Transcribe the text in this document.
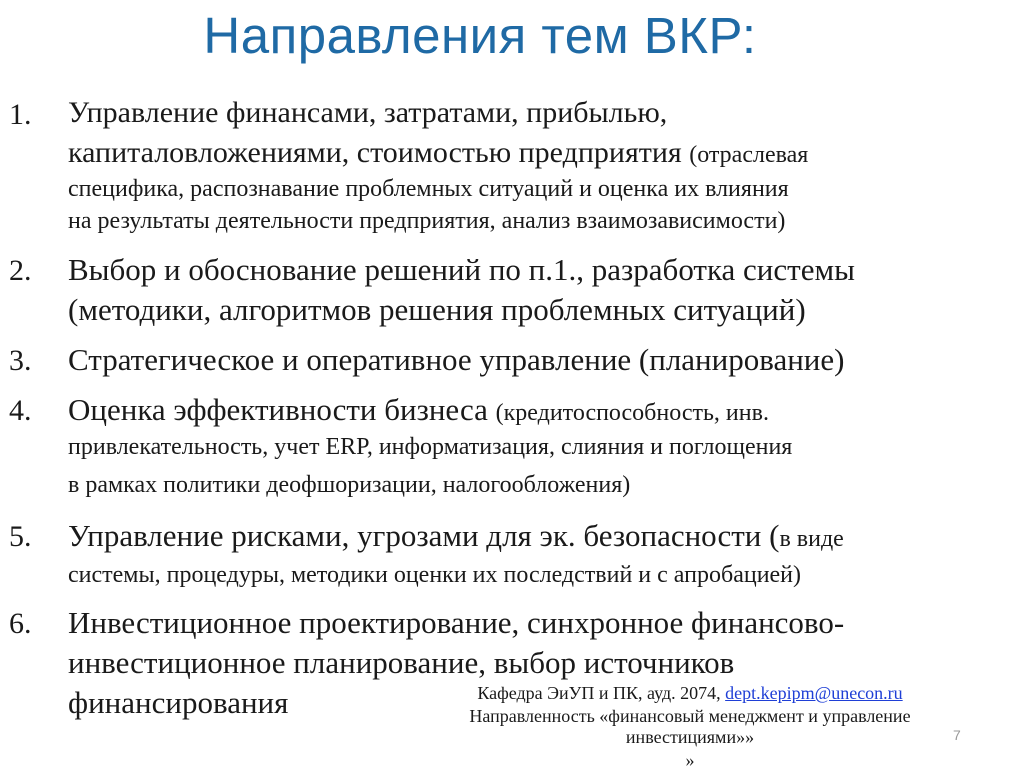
Направления тем ВКР:
1. Управление финансами, затратами, прибылью,
капиталовложениями, стоимостью предприятия (отраслевая
специфика, распознавание проблемных ситуаций и оценка их влияния
на результаты деятельности предприятия, анализ взаимозависимости)
2. Выбор и обоснование решений по п.1., разработка системы
(методики, алгоритмов решения проблемных ситуаций)
3. Стратегическое и оперативное управление (планирование)
4. Оценка эффективности бизнеса (кредитоспособность, инв.
привлекательность, учет ERP, информатизация, слияния и поглощения
в рамках политики деофшоризации, налогообложения)
5. Управление рисками, угрозами для эк. безопасности (в виде
системы, процедуры, методики оценки их последствий и с апробацией)
6. Инвестиционное проектирование, синхронное финансово-
инвестиционное планирование, выбор источников
финансирования	Кафедра ЭиУП и ПК, ауд. 2074, dept.kepipm@unecon.ru
Направленность «финансовый менеджмент и управление
инвестициями»»
»
7
